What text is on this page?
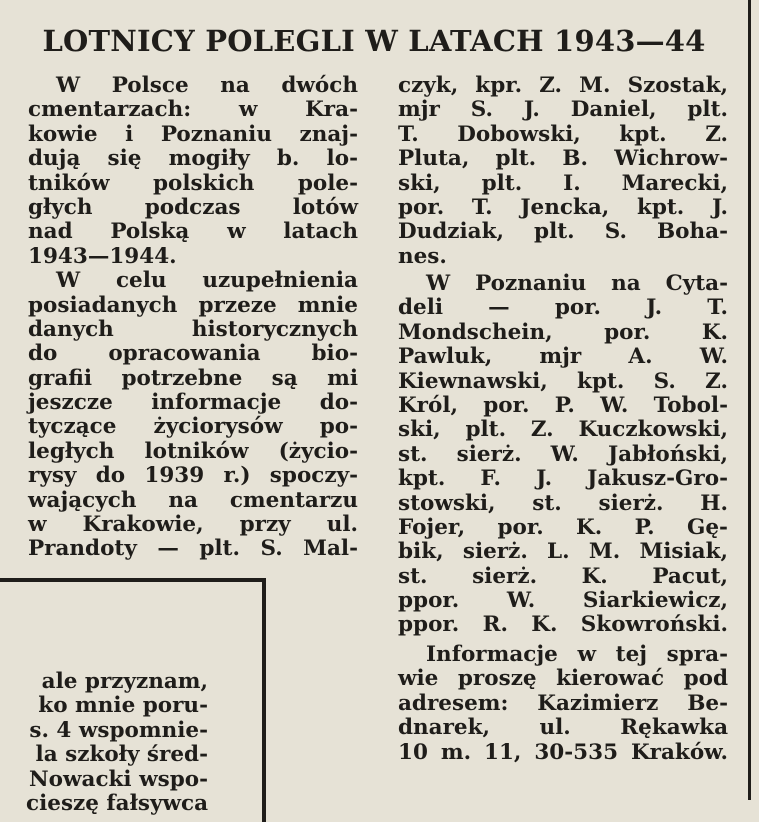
LOTNICY POLEGLI W LATACH 1943—44
W Polsce na dwóch
cmentarzach: w Kra-
kowie i Poznaniu znaj-
dują się mogiły b. lo-
tników polskich pole-
głych podczas lotów
nad Polską w latach
1943—1944.
W celu uzupełnienia
posiadanych przeze mnie
danych historycznych
do opracowania bio-
grafii potrzebne są mi
jeszcze informacje do-
tyczące życiorysów po-
ległych lotników (życio-
rysy do 1939 r.) spoczy-
wających na cmentarzu
w Krakowie, przy ul.
Prandoty — plt. S. Mal-
czyk, kpr. Z. M. Szostak,
mjr S. J. Daniel, plt.
T. Dobowski, kpt. Z.
Pluta, plt. B. Wichrow-
ski, plt. I. Marecki,
por. T. Jencka, kpt. J.
Dudziak, plt. S. Boha-
nes.
W Poznaniu na Cyta-
deli — por. J. T.
Mondschein, por. K.
Pawluk, mjr A. W.
Kiewnawski, kpt. S. Z.
Król, por. P. W. Tobol-
ski, plt. Z. Kuczkowski,
st. sierż. W. Jabłoński,
kpt. F. J. Jakusz-Gro-
stowski, st. sierż. H.
Fojer, por. K. P. Gę-
bik, sierż. L. M. Misiak,
st. sierż. K. Pacut,
ppor. W. Siarkiewicz,
ppor. R. K. Skowroński.
Informacje w tej spra-
wie proszę kierować pod
adresem: Kazimierz Be-
dnarek, ul. Rękawka
10 m. 11, 30-535 Kraków.
ale przyznam,
ko mnie poru-
s. 4 wspomnie-
la szkoły śred-
Nowacki wspo-
cieszę fałsywca
